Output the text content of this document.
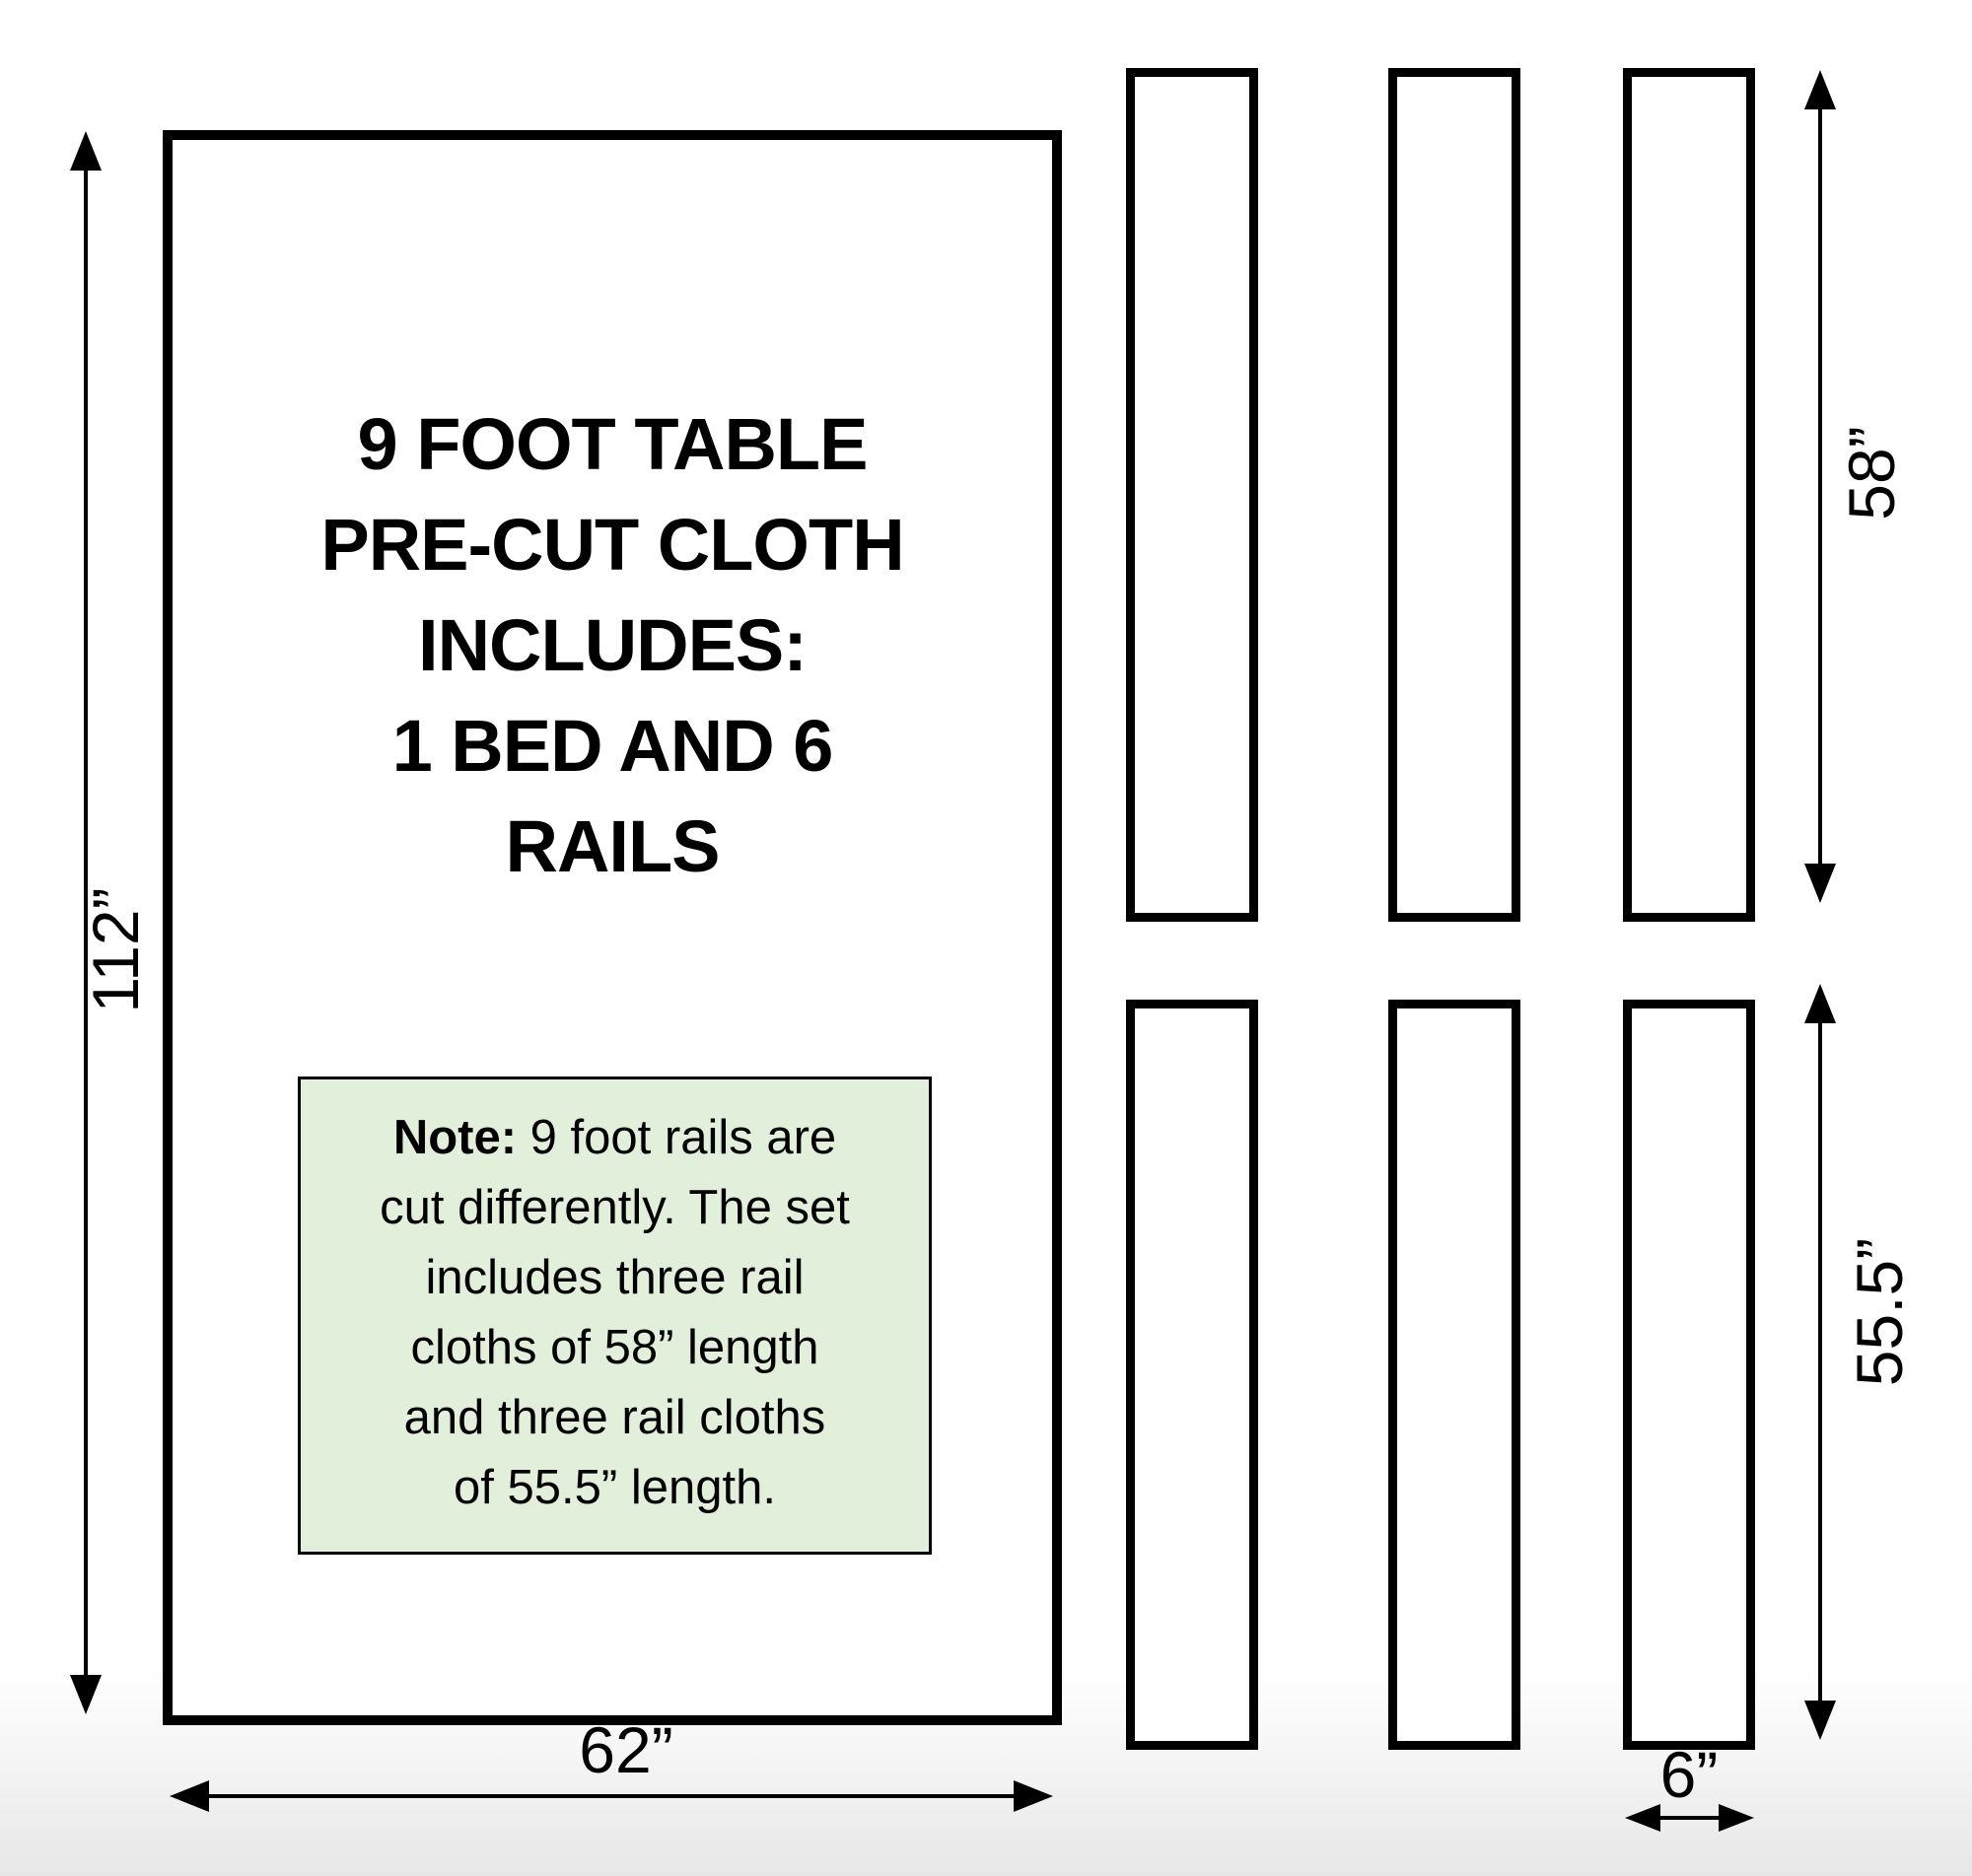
9 FOOT TABLE
PRE-CUT CLOTH
INCLUDES:
1 BED AND 6
RAILS
Note: 9 foot rails are
cut differently. The set
includes three rail
cloths of 58” length
and three rail cloths
of 55.5” length.
112”
62”
58”
55.5”
6”
